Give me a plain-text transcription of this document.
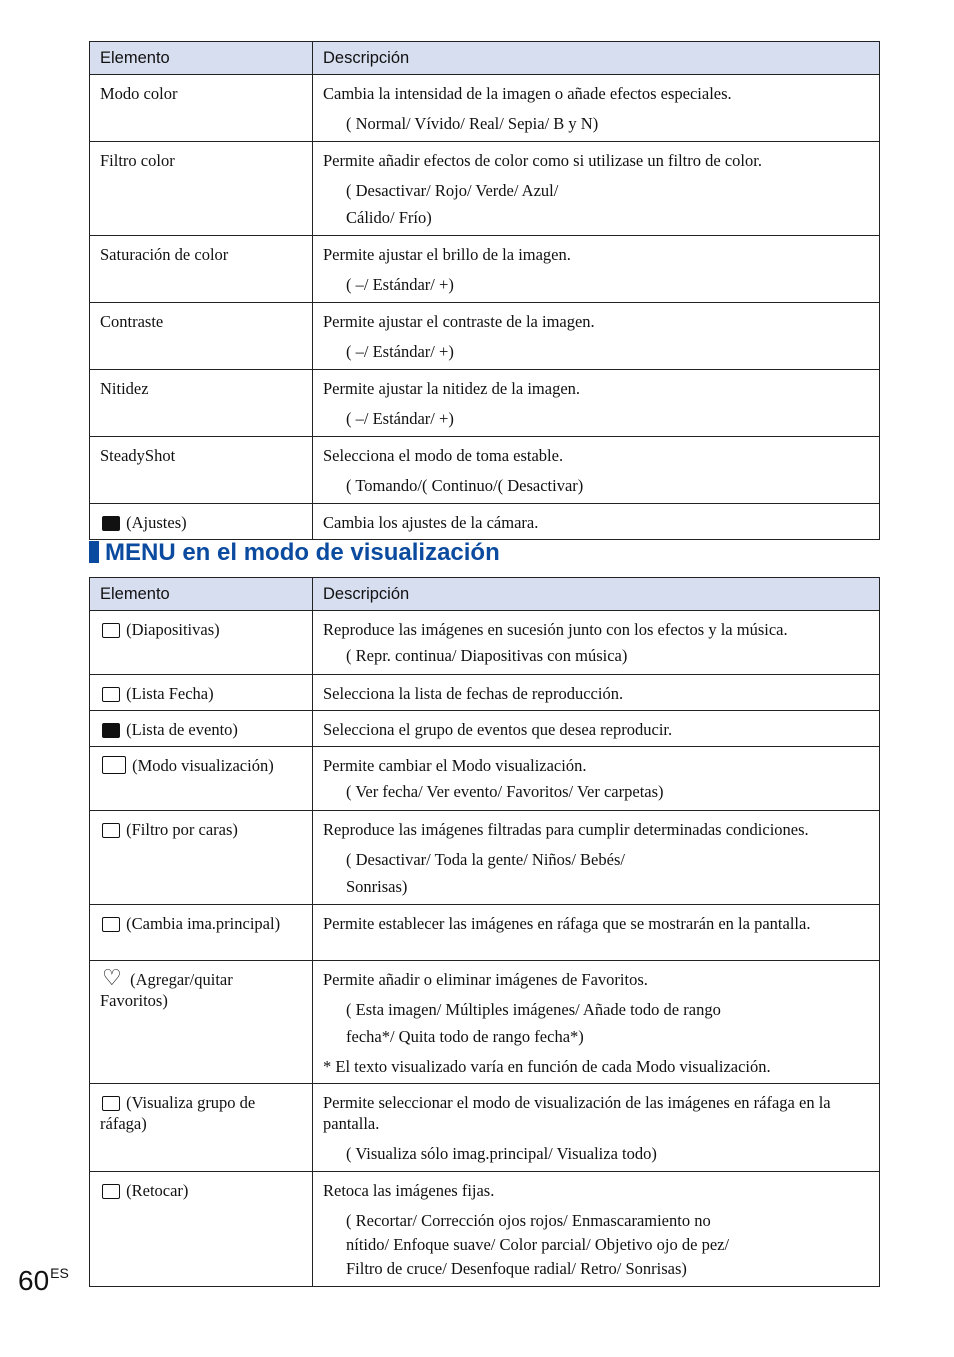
Elemento	Descripción
Modo color	Cambia la intensidad de la imagen o añade efectos especiales.
( Normal/ Vívido/ Real/ Sepia/ B y N)

Filtro color	Permite añadir efectos de color como si utilizase un filtro de color.
( Desactivar/ Rojo/ Verde/ Azul/
Cálido/ Frío)

Saturación de color	Permite ajustar el brillo de la imagen.
( –/ Estándar/ +)

Contraste	Permite ajustar el contraste de la imagen.
( –/ Estándar/ +)

Nitidez	Permite ajustar la nitidez de la imagen.
( –/ Estándar/ +)

SteadyShot	Selecciona el modo de toma estable.
( Tomando/( Continuo/( Desactivar)

(Ajustes)	Cambia los ajustes de la cámara.
MENU en el modo de visualización
Elemento	Descripción
(Diapositivas)	Reproduce las imágenes en sucesión junto con los efectos y la música.
( Repr. continua/ Diapositivas con música)

(Lista Fecha)	Selecciona la lista de fechas de reproducción.
(Lista de evento)	Selecciona el grupo de eventos que desea reproducir.
(Modo visualización)	Permite cambiar el Modo visualización.
( Ver fecha/ Ver evento/ Favoritos/ Ver carpetas)

(Filtro por caras)	Reproduce las imágenes filtradas para cumplir determinadas condiciones.
( Desactivar/ Toda la gente/ Niños/ Bebés/
Sonrisas)

(Cambia ima.principal)	Permite establecer las imágenes en ráfaga que se mostrarán en la pantalla.
♡ (Agregar/quitar Favoritos)	Permite añadir o eliminar imágenes de Favoritos.
( Esta imagen/ Múltiples imágenes/ Añade todo de rango
fecha*/ Quita todo de rango fecha*)
* El texto visualizado varía en función de cada Modo visualización.

(Visualiza grupo de ráfaga)	Permite seleccionar el modo de visualización de las imágenes en ráfaga en la pantalla.
( Visualiza sólo imag.principal/ Visualiza todo)

(Retocar)	Retoca las imágenes fijas.
( Recortar/ Corrección ojos rojos/ Enmascaramiento no
nítido/ Enfoque suave/ Color parcial/ Objetivo ojo de pez/
Filtro de cruce/ Desenfoque radial/ Retro/ Sonrisas)
$60^{ES}$
